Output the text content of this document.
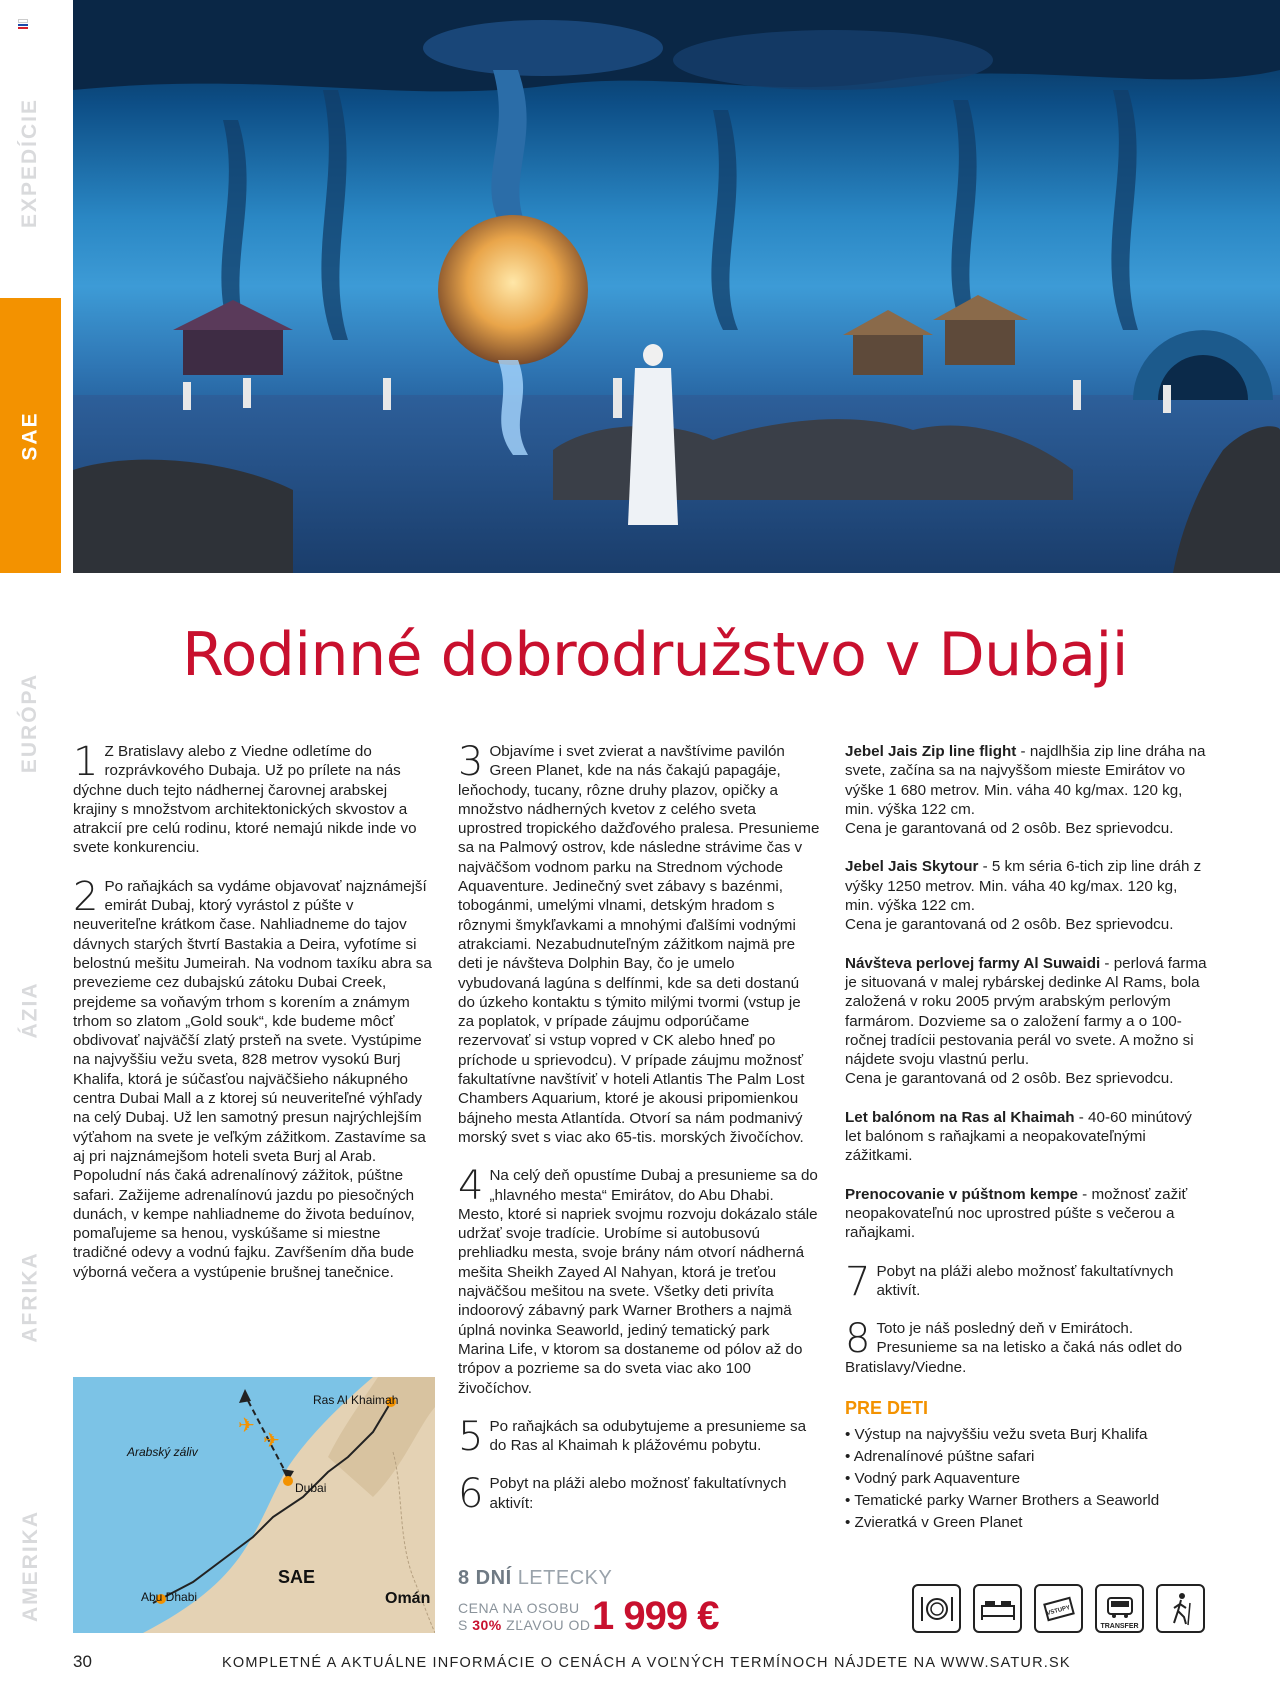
EXPEDÍCIE
SAE
EURÓPA
ÁZIA
AFRIKA
AMERIKA
Rodinné dobrodružstvo v Dubaji

1 Z Bratislavy alebo z Viedne odletíme do rozprávkového Dubaja. Už po prílete na nás dýchne duch tejto nádhernej čarovnej arabskej krajiny s množstvom architektonických skvostov a atrakcií pre celú rodinu, ktoré nemajú nikde inde vo svete konkurenciu.

2 Po raňajkách sa vydáme objavovať najznámejší emirát Dubaj, ktorý vyrástol z púšte v neuveriteľne krátkom čase. Nahliadneme do tajov dávnych starých štvrtí Bastakia a Deira, vyfotíme si belostnú mešitu Jumeirah. Na vodnom taxíku abra sa prevezieme cez dubajskú zátoku Dubai Creek, prejdeme sa voňavým trhom s korením a známym trhom so zlatom „Gold souk“, kde budeme môcť obdivovať najväčší zlatý prsteň na svete. Vystúpime na najvyššiu vežu sveta, 828 metrov vysokú Burj Khalifa, ktorá je súčasťou najväčšieho nákupného centra Dubai Mall a z ktorej sú neuveriteľné výhľady na celý Dubaj. Už len samotný presun najrýchlejším výťahom na svete je veľkým zážitkom. Zastavíme sa aj pri najznámejšom hoteli sveta Burj al Arab. Popoludní nás čaká adrenalínový zážitok, púštne safari. Zažijeme adrenalínovú jazdu po piesočných dunách, v kempe nahliadneme do života beduínov, pomaľujeme sa henou, vyskúšame si miestne tradičné odevy a vodnú fajku. Zavŕšením dňa bude výborná večera a vystúpenie brušnej tanečnice.

✈
✈
Arabský záliv
Ras Al Khaimah
Dubai
SAE
Abu Dhabi	Omán

3 Objavíme i svet zvierat a navštívime pavilón Green Planet, kde na nás čakajú papagáje, leňochody, tucany, rôzne druhy plazov, opičky a množstvo nádherných kvetov z celého sveta uprostred tropického dažďového pralesa. Presunieme sa na Palmový ostrov, kde následne strávime čas v najväčšom vodnom parku na Strednom východe Aquaventure. Jedinečný svet zábavy s bazénmi, tobogánmi, umelými vlnami, detským hradom s rôznymi šmykľavkami a mnohými ďalšími vodnými atrakciami. Nezabudnuteľným zážitkom najmä pre deti je návšteva Dolphin Bay, čo je umelo vybudovaná lagúna s delfínmi, kde sa deti dostanú do úzkeho kontaktu s týmito milými tvormi (vstup je za poplatok, v prípade záujmu odporúčame rezervovať si vstup vopred v CK alebo hneď po príchode u sprievodcu). V prípade záujmu možnosť fakultatívne navštíviť v hoteli Atlantis The Palm Lost Chambers Aquarium, ktoré je akousi pripomienkou bájneho mesta Atlantída. Otvorí sa nám podmanivý morský svet s viac ako 65-tis. morských živočíchov.

4 Na celý deň opustíme Dubaj a presunieme sa do „hlavného mesta“ Emirátov, do Abu Dhabi. Mesto, ktoré si napriek svojmu rozvoju dokázalo stále udržať svoje tradície. Urobíme si autobusovú prehliadku mesta, svoje brány nám otvorí nádherná mešita Sheikh Zayed Al Nahyan, ktorá je treťou najväčšou mešitou na svete. Všetky deti privíta indoorový zábavný park Warner Brothers a najmä úplná novinka Seaworld, jediný tematický park Marina Life, v ktorom sa dostaneme od pólov až do trópov a pozrieme sa do sveta viac ako 100 živočíchov.

5 Po raňajkách sa odubytujeme a presunieme sa do Ras al Khaimah k plážovému pobytu.

6 Pobyt na pláži alebo možnosť fakultatívnych aktivít:

Jebel Jais Zip line flight - najdlhšia zip line dráha na svete, začína sa na najvyššom mieste Emirátov vo výške 1 680 metrov. Min. váha 40 kg/max. 120 kg, min. výška 122 cm.
Cena je garantovaná od 2 osôb. Bez sprievodcu.

Jebel Jais Skytour - 5 km séria 6-tich zip line dráh z výšky 1250 metrov. Min. váha 40 kg/max. 120 kg, min. výška 122 cm.
Cena je garantovaná od 2 osôb. Bez sprievodcu.

Návšteva perlovej farmy Al Suwaidi - perlová farma je situovaná v malej rybárskej dedinke Al Rams, bola založená v roku 2005 prvým arabským perlovým farmárom. Dozvieme sa o založení farmy a o 100-ročnej tradícii pestovania perál vo svete. A možno si nájdete svoju vlastnú perlu.
Cena je garantovaná od 2 osôb. Bez sprievodcu.

Let balónom na Ras al Khaimah - 40-60 minútový let balónom s raňajkami a neopakovateľnými zážitkami.

Prenocovanie v púštnom kempe - možnosť zažiť neopakovateľnú noc uprostred púšte s večerou a raňajkami.

7 Pobyt na pláži alebo možnosť fakultatívnych aktivít.

8 Toto je náš posledný deň v Emirátoch. Presunieme sa na letisko a čaká nás odlet do Bratislavy/Viedne.

PRE DETI
• Výstup na najvyššiu vežu sveta Burj Khalifa
• Adrenalínové púštne safari
• Vodný park Aquaventure
• Tematické parky Warner Brothers a Seaworld
• Zvieratká v Green Planet
8 DNÍ LETECKY
CENA NA OSOBU
S 30% ZĽAVOU OD 1 999 €	VSTUPY
TRANSFER
30	KOMPLETNÉ A AKTUÁLNE INFORMÁCIE O CENÁCH A VOĽNÝCH TERMÍNOCH NÁJDETE NA WWW.SATUR.SK
